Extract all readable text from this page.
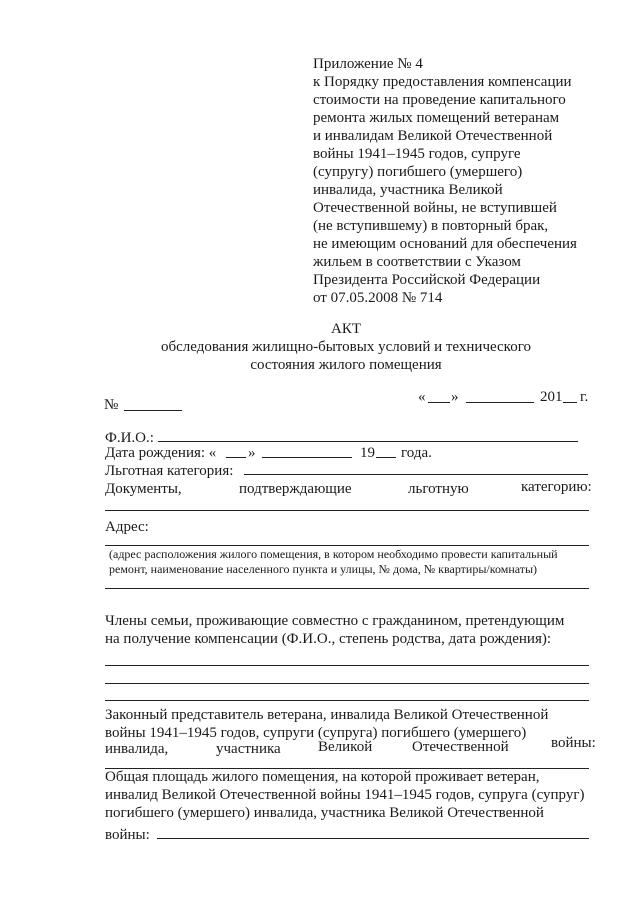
Приложение № 4
к Порядку предоставления компенсации
стоимости на проведение капитального
ремонта жилых помещений ветеранам
и инвалидам Великой Отечественной
войны 1941–1945 годов, супруге
(супругу) погибшего (умершего)
инвалида, участника Великой
Отечественной войны, не вступившей
(не вступившему) в повторный брак,
не имеющим оснований для обеспечения
жильем в соответствии с Указом
Президента Российской Федерации
от 07.05.2008 № 714
АКТ
обследования жилищно-бытовых условий и технического
состояния жилого помещения
№	« »	201 г.
Ф.И.О.:
Дата рождения: « »	19 года.
Льготная категория:
Документы,	подтверждающие	льготную	категорию:
Адрес:
(адрес расположения жилого помещения, в котором необходимо провести капитальный
ремонт, наименование населенного пункта и улицы, № дома, № квартиры/комнаты)
Члены семьи, проживающие совместно с гражданином, претендующим
на получение компенсации (Ф.И.О., степень родства, дата рождения):
Законный представитель ветерана, инвалида Великой Отечественной
войны 1941–1945 годов, супруги (супруга) погибшего (умершего)
инвалида,	участника Великой	Отечественной	войны:
Общая площадь жилого помещения, на которой проживает ветеран,
инвалид Великой Отечественной войны 1941–1945 годов, супруга (супруг)
погибшего (умершего) инвалида, участника Великой Отечественной
войны:
